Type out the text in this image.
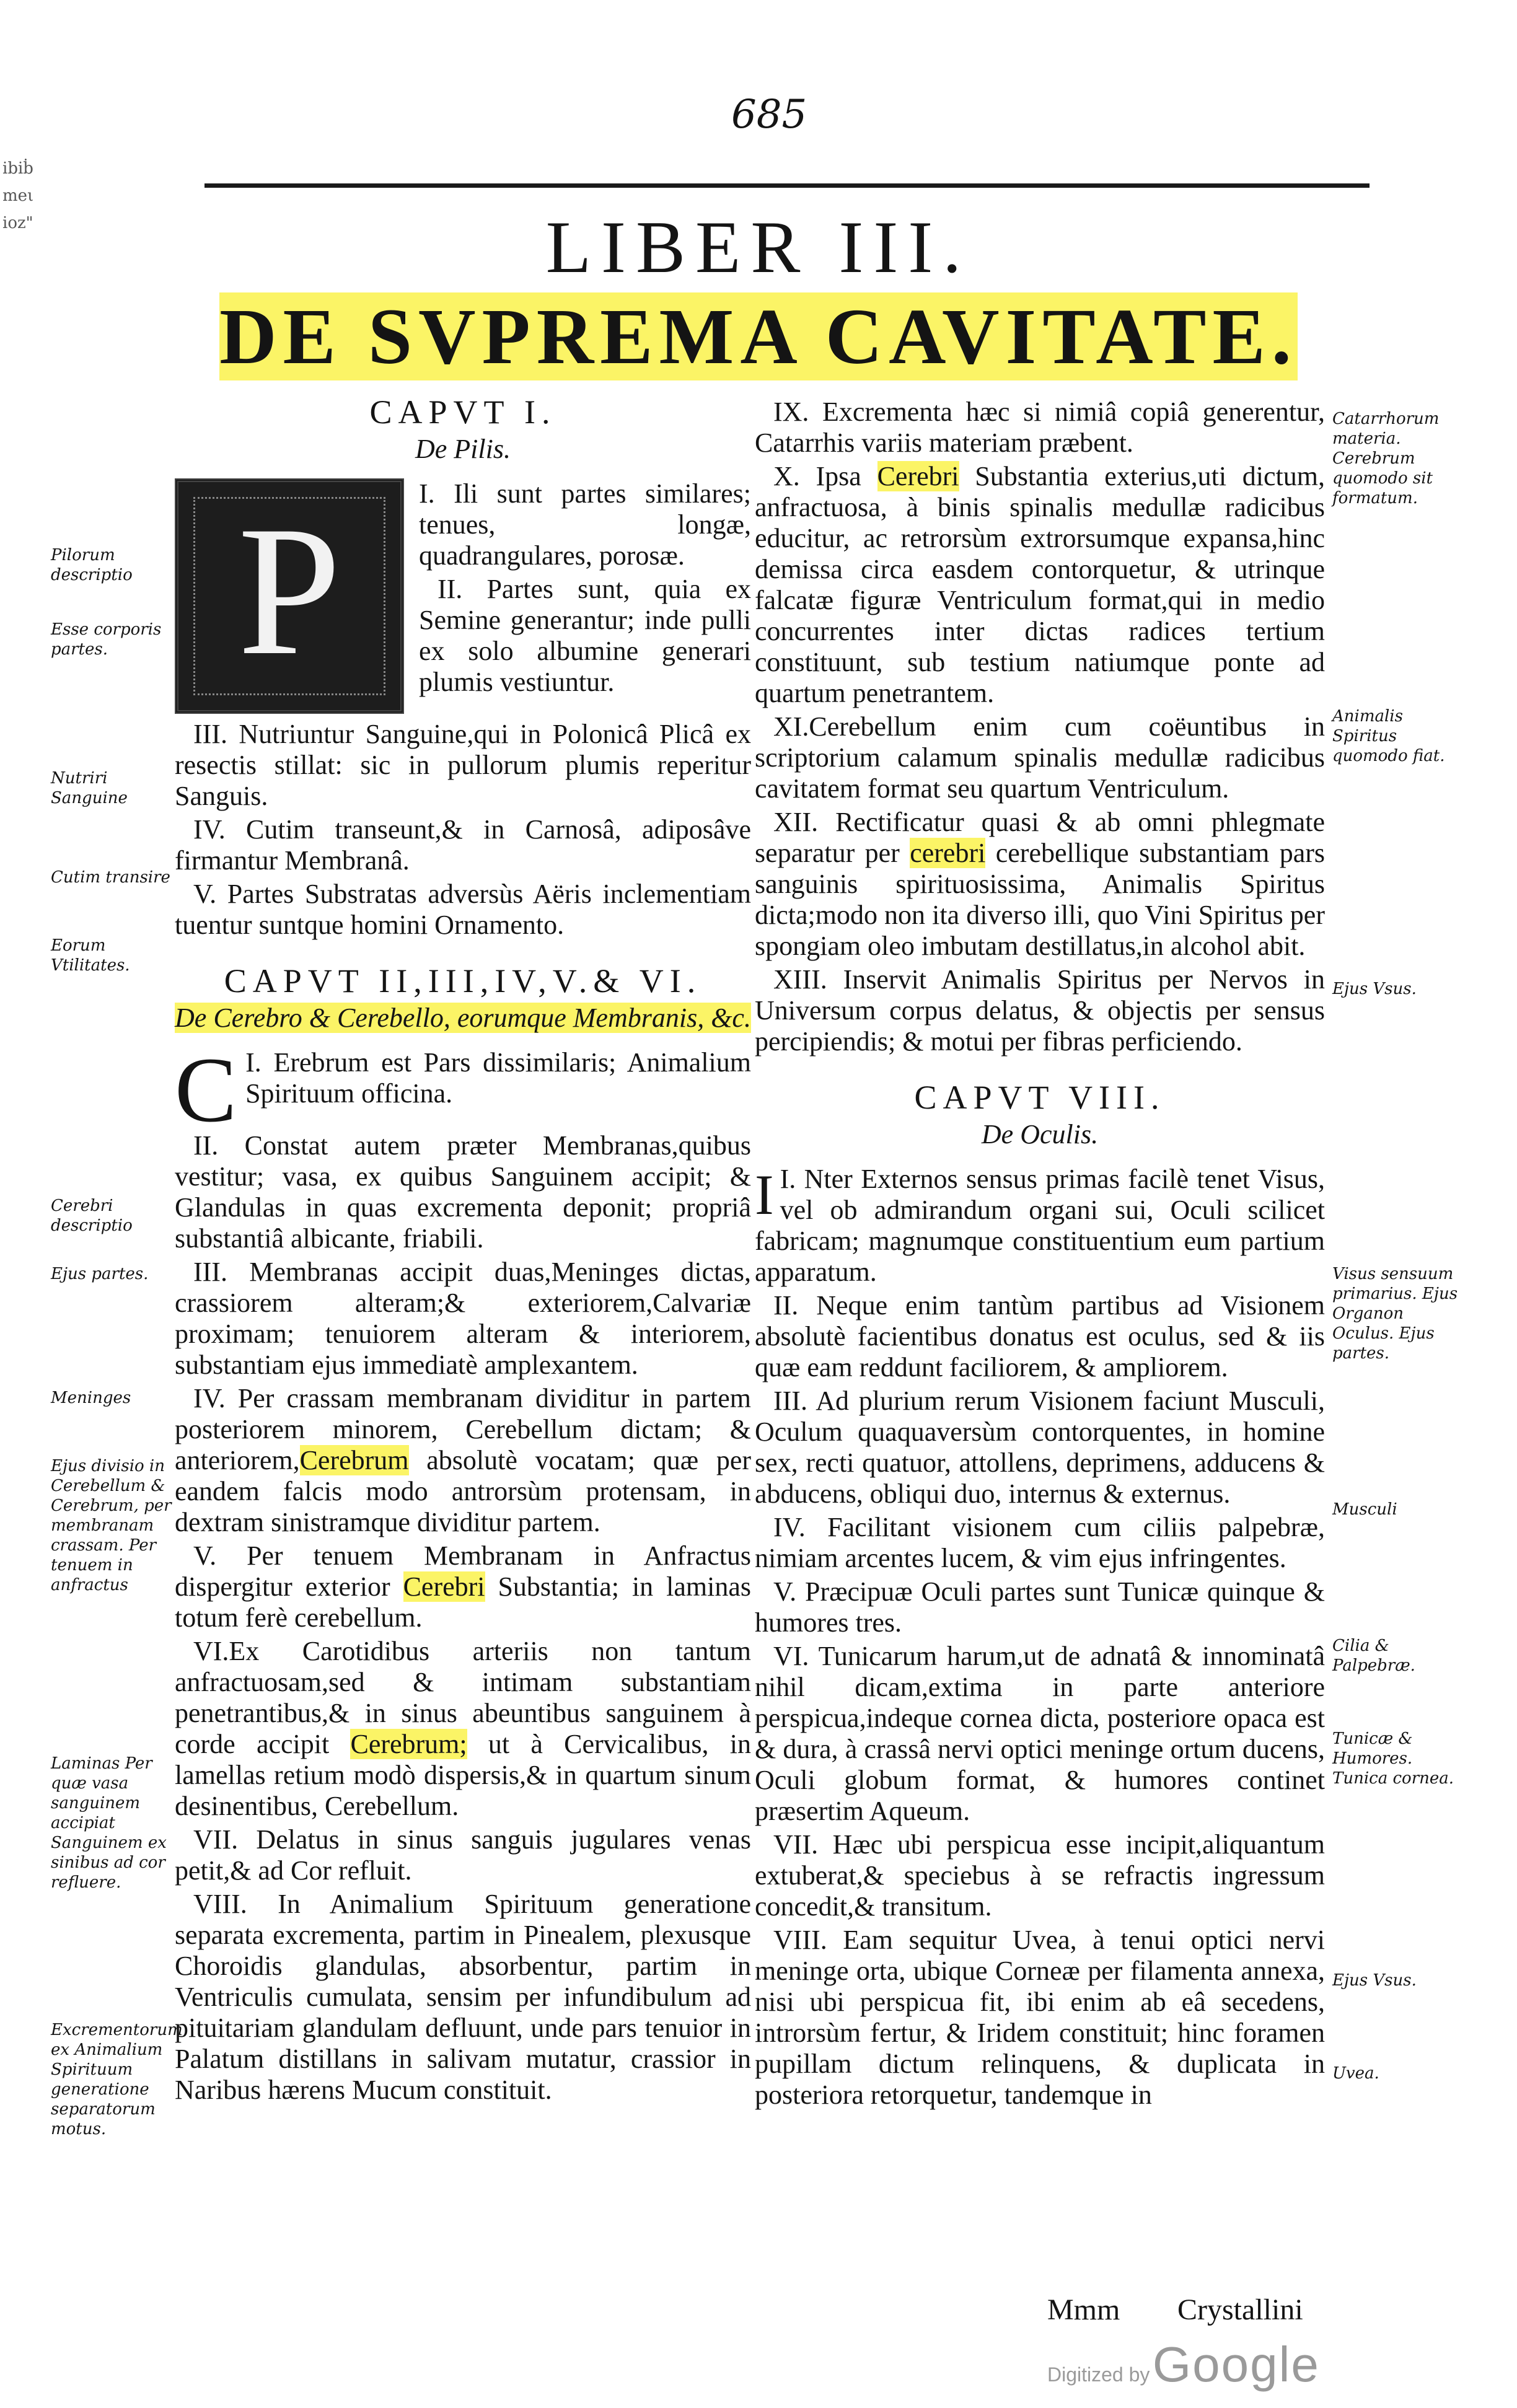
685
ibiḃ
meι
ioz"	LIBER III.
DE SVPREMA CAVITATE.
CAPVT I.
De Pilis.
P	I. Ili sunt partes similares; tenues, longæ, quadrangulares, porosæ.

II. Partes sunt, quia ex Semine generantur; inde pulli ex solo albumine generari plumis vestiuntur.

III. Nutriuntur Sanguine,qui in Polonicâ Plicâ ex resectis stillat: sic in pullorum plumis reperitur Sanguis.

IV. Cutim transeunt,& in Carnosâ, adiposâve firmantur Membranâ.

V. Partes Substratas adversùs Aëris inclementiam tuentur suntque homini Ornamento.

CAPVT II,III,IV,V.& VI.
De Cerebro & Cerebello, eorumque Membranis, &c.

I.
C Erebrum est Pars dissimilaris; Animalium Spirituum officina.

II. Constat autem præter Membranas,quibus vestitur; vasa, ex quibus Sanguinem accipit; & Glandulas in quas excrementa deponit; propriâ substantiâ albicante, friabili.

III. Membranas accipit duas,Meninges dictas, crassiorem alteram;& exteriorem,Calvariæ proximam; tenuiorem alteram & interiorem, substantiam ejus immediatè amplexantem.

IV. Per crassam membranam dividitur in partem posteriorem minorem, Cerebellum dictam; & anteriorem,Cerebrum absolutè vocatam; quæ per eandem falcis modo antrorsùm protensam, in dextram sinistramque dividitur partem.

V. Per tenuem Membranam in Anfractus dispergitur exterior Cerebri Substantia; in laminas totum ferè cerebellum.

VI.Ex Carotidibus arteriis non tantum anfractuosam,sed & intimam substantiam penetrantibus,& in sinus abeuntibus sanguinem à corde accipit Cerebrum; ut à Cervicalibus, in lamellas retium modò dispersis,& in quartum sinum desinentibus, Cerebellum.

VII. Delatus in sinus sanguis jugulares venas petit,& ad Cor refluit.

VIII. In Animalium Spirituum generatione separata excrementa, partim in Pinealem, plexusque Choroidis glandulas, absorbentur, partim in Ventriculis cumulata, sensim per infundibulum ad pituitariam glandulam defluunt, unde pars tenuior in Palatum distillans in salivam mutatur, crassior in Naribus hærens Mucum constituit.

IX. Excrementa hæc si nimiâ copiâ generentur, Catarrhis variis materiam præbent.

X. Ipsa Cerebri Substantia exterius,uti dictum, anfractuosa, à binis spinalis medullæ radicibus educitur, ac retrorsùm extrorsumque expansa,hinc demissa circa easdem contorquetur, & utrinque falcatæ figuræ Ventriculum format,qui in medio concurrentes inter dictas radices tertium constituunt, sub testium natiumque ponte ad quartum penetrantem.

XI.Cerebellum enim cum coëuntibus in scriptorium calamum spinalis medullæ radicibus cavitatem format seu quartum Ventriculum.

XII. Rectificatur quasi & ab omni phlegmate separatur per cerebri cerebellique substantiam pars sanguinis spirituosissima, Animalis Spiritus dicta;modo non ita diverso illi, quo Vini Spiritus per spongiam oleo imbutam destillatus,in alcohol abit.

XIII. Inservit Animalis Spiritus per Nervos in Universum corpus delatus, & objectis per sensus percipiendis; & motui per fibras perficiendo.

CAPVT VIII.
De Oculis.

I.
I Nter Externos sensus primas facilè tenet Visus, vel ob admirandum organi sui, Oculi scilicet fabricam; magnumque constituentium eum partium apparatum.

II. Neque enim tantùm partibus ad Visionem absolutè facientibus donatus est oculus, sed & iis quæ eam reddunt faciliorem, & ampliorem.

III. Ad plurium rerum Visionem faciunt Musculi, Oculum quaquaversùm contorquentes, in homine sex, recti quatuor, attollens, deprimens, adducens & abducens, obliqui duo, internus & externus.

IV. Facilitant visionem cum ciliis palpebræ, nimiam arcentes lucem, & vim ejus infringentes.

V. Præcipuæ Oculi partes sunt Tunicæ quinque & humores tres.

VI. Tunicarum harum,ut de adnatâ & innominatâ nihil dicam,extima in parte anteriore perspicua,indeque cornea dicta, posteriore opaca est & dura, à crassâ nervi optici meninge ortum ducens, Oculi globum format, & humores continet præsertim Aqueum.

VII. Hæc ubi perspicua esse incipit,aliquantum extuberat,& speciebus à se refractis ingressum concedit,& transitum.

VIII. Eam sequitur Uvea, à tenui optici nervi meninge orta, ubique Corneæ per filamenta annexa, nisi ubi perspicua fit, ibi enim ab eâ secedens, introrsùm fertur, & Iridem constituit; hinc foramen pupillam dictum relinquens, & duplicata in posteriora retorquetur, tandemque in

Pilorum descriptio
Esse corporis partes.
Nutriri Sanguine
Cutim transire
Eorum Vtilitates.
Cerebri descriptio
Ejus partes.
Meninges
Ejus divisio in Cerebellum & Cerebrum, per membranam crassam. Per tenuem in anfractus
Laminas Per quæ vasa sanguinem accipiat Sanguinem ex sinibus ad cor refluere.
Excrementorum ex Animalium Spirituum generatione separatorum motus.
Catarrhorum materia. Cerebrum quomodo sit formatum.
Animalis Spiritus quomodo fiat.
Ejus Vsus.
Visus sensuum primarius. Ejus Organon Oculus. Ejus partes.
Musculi
Cilia & Palpebræ.
Tunicæ & Humores. Tunica cornea.
Ejus Vsus.
Uvea.
Mmm Crystallini
Digitized by Google
